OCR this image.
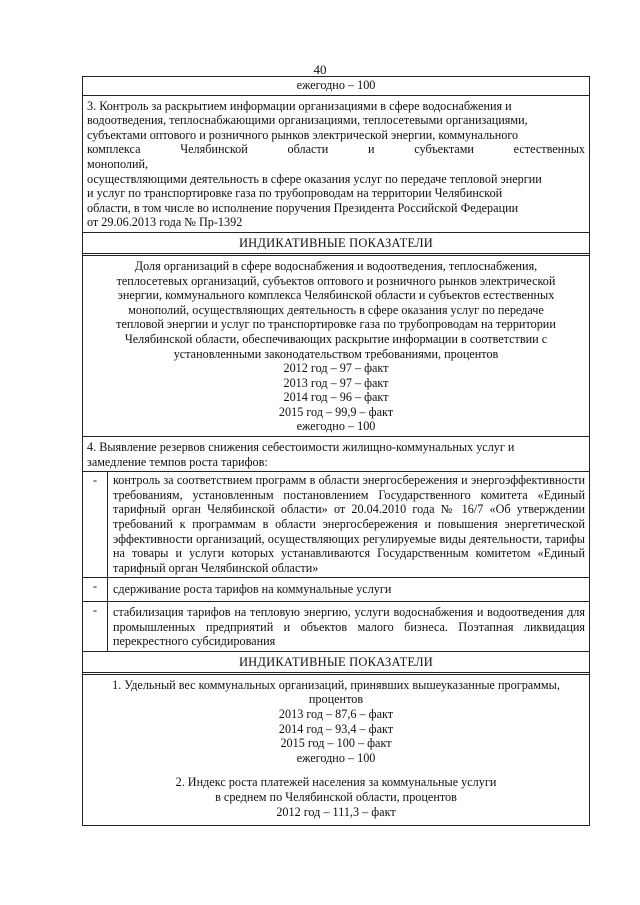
40
ежегодно – 100
3. Контроль за раскрытием информации организациями в сфере водоснабжения и
водоотведения, теплоснабжающими организациями, теплосетевыми организациями,
субъектами оптового и розничного рынков электрической энергии, коммунального
комплекса Челябинской области и субъектами естественных монополий,
осуществляющими деятельность в сфере оказания услуг по передаче тепловой энергии
и услуг по транспортировке газа по трубопроводам на территории Челябинской
области, в том числе во исполнение поручения Президента Российской Федерации
от 29.06.2013 года № Пр-1392
ИНДИКАТИВНЫЕ ПОКАЗАТЕЛИ
Доля организаций в сфере водоснабжения и водоотведения, теплоснабжения,
теплосетевых организаций, субъектов оптового и розничного рынков электрической
энергии, коммунального комплекса Челябинской области и субъектов естественных
монополий, осуществляющих деятельность в сфере оказания услуг по передаче
тепловой энергии и услуг по транспортировке газа по трубопроводам на территории
Челябинской области, обеспечивающих раскрытие информации в соответствии с
установленными законодательством требованиями, процентов
2012 год – 97 – факт
2013 год – 97 – факт
2014 год – 96 – факт
2015 год – 99,9 – факт
ежегодно – 100
4. Выявление резервов снижения себестоимости жилищно-коммунальных услуг и
замедление темпов роста тарифов:
-	контроль за соответствием программ в области энергосбережения и энергоэффективности требованиям, установленным постановлением Государственного комитета «Единый тарифный орган Челябинской области» от 20.04.2010 года № 16/7 «Об утверждении требований к программам в области энергосбережения и повышения энергетической эффективности организаций, осуществляющих регулируемые виды деятельности, тарифы на товары и услуги которых устанавливаются Государственным комитетом «Единый тарифный орган Челябинской области»
-	сдерживание роста тарифов на коммунальные услуги
-	стабилизация тарифов на тепловую энергию, услуги водоснабжения и водоотведения для промышленных предприятий и объектов малого бизнеса. Поэтапная ликвидация перекрестного субсидирования
ИНДИКАТИВНЫЕ ПОКАЗАТЕЛИ
1. Удельный вес коммунальных организаций, принявших вышеуказанные программы,
процентов
2013 год – 87,6 – факт
2014 год – 93,4 – факт
2015 год – 100 – факт
ежегодно – 100
2. Индекс роста платежей населения за коммунальные услуги
в среднем по Челябинской области, процентов
2012 год – 111,3 – факт
